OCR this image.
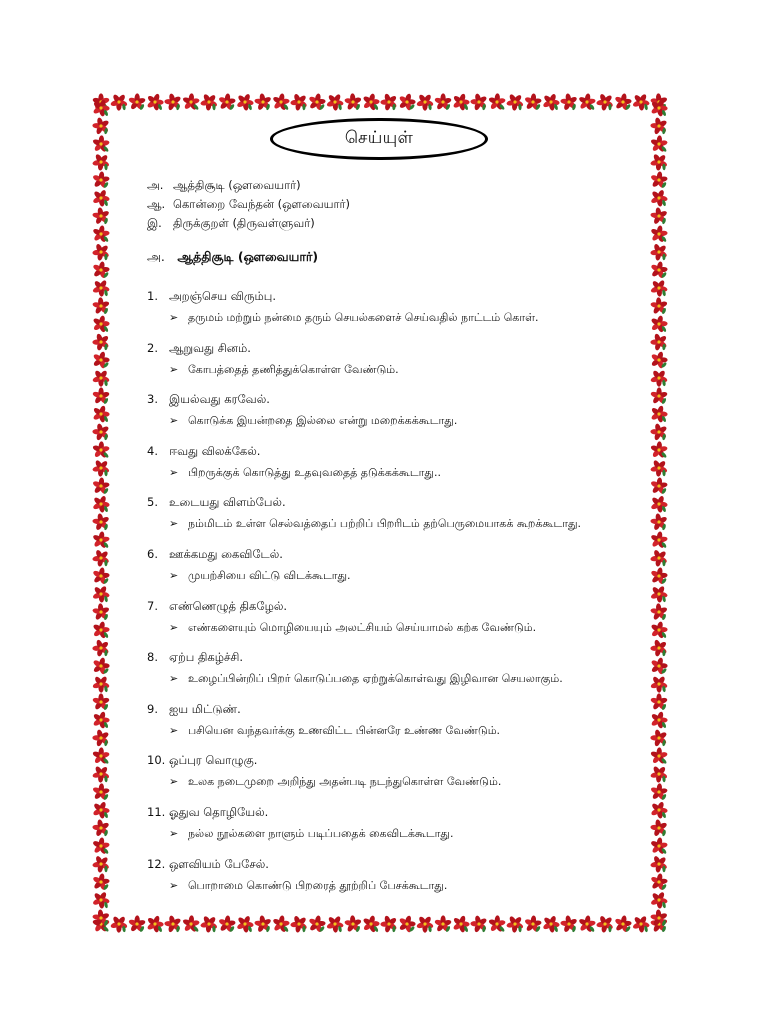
செய்யுள்
அ. ஆத்திசூடி (ஔவையார்)
ஆ. கொன்றை வேந்தன் (ஔவையார்)
இ. திருக்குறள் (திருவள்ளுவர்)
அ. ஆத்திசூடி (ஔவையார்)
1. அறஞ்செய விரும்பு.
➢ தருமம் மற்றும் நன்மை தரும் செயல்களைச் செய்வதில் நாட்டம் கொள்.
2. ஆறுவது சினம்.
➢ கோபத்தைத் தணித்துக்கொள்ள வேண்டும்.
3. இயல்வது கரவேல்.
➢ கொடுக்க இயன்றதை இல்லை என்று மறைக்கக்கூடாது.
4. ஈவது விலக்கேல்.
➢ பிறருக்குக் கொடுத்து உதவுவதைத் தடுக்கக்கூடாது..
5. உடையது விளம்பேல்.
➢ நம்மிடம் உள்ள செல்வத்தைப் பற்றிப் பிறரிடம் தற்பெருமையாகக் கூறக்கூடாது.
6. ஊக்கமது கைவிடேல்.
➢ முயற்சியை விட்டு விடக்கூடாது.
7. எண்ணெழுத் திகழேல்.
➢ எண்களையும் மொழியையும் அலட்சியம் செய்யாமல் கற்க வேண்டும்.
8. ஏற்ப திகழ்ச்சி.
➢ உழைப்பின்றிப் பிறர் கொடுப்பதை ஏற்றுக்கொள்வது இழிவான செயலாகும்.
9. ஐய மிட்டுண்.
➢ பசியென வந்தவர்க்கு உணவிட்ட பின்னரே உண்ண வேண்டும்.
10. ஒப்புர வொழுகு.
➢ உலக நடைமுறை அறிந்து அதன்படி நடந்துகொள்ள வேண்டும்.
11. ஓதுவ தொழியேல்.
➢ நல்ல நூல்களை நாளும் படிப்பதைக் கைவிடக்கூடாது.
12. ஔவியம் பேசேல்.
➢ பொறாமை கொண்டு பிறரைத் தூற்றிப் பேசக்கூடாது.
